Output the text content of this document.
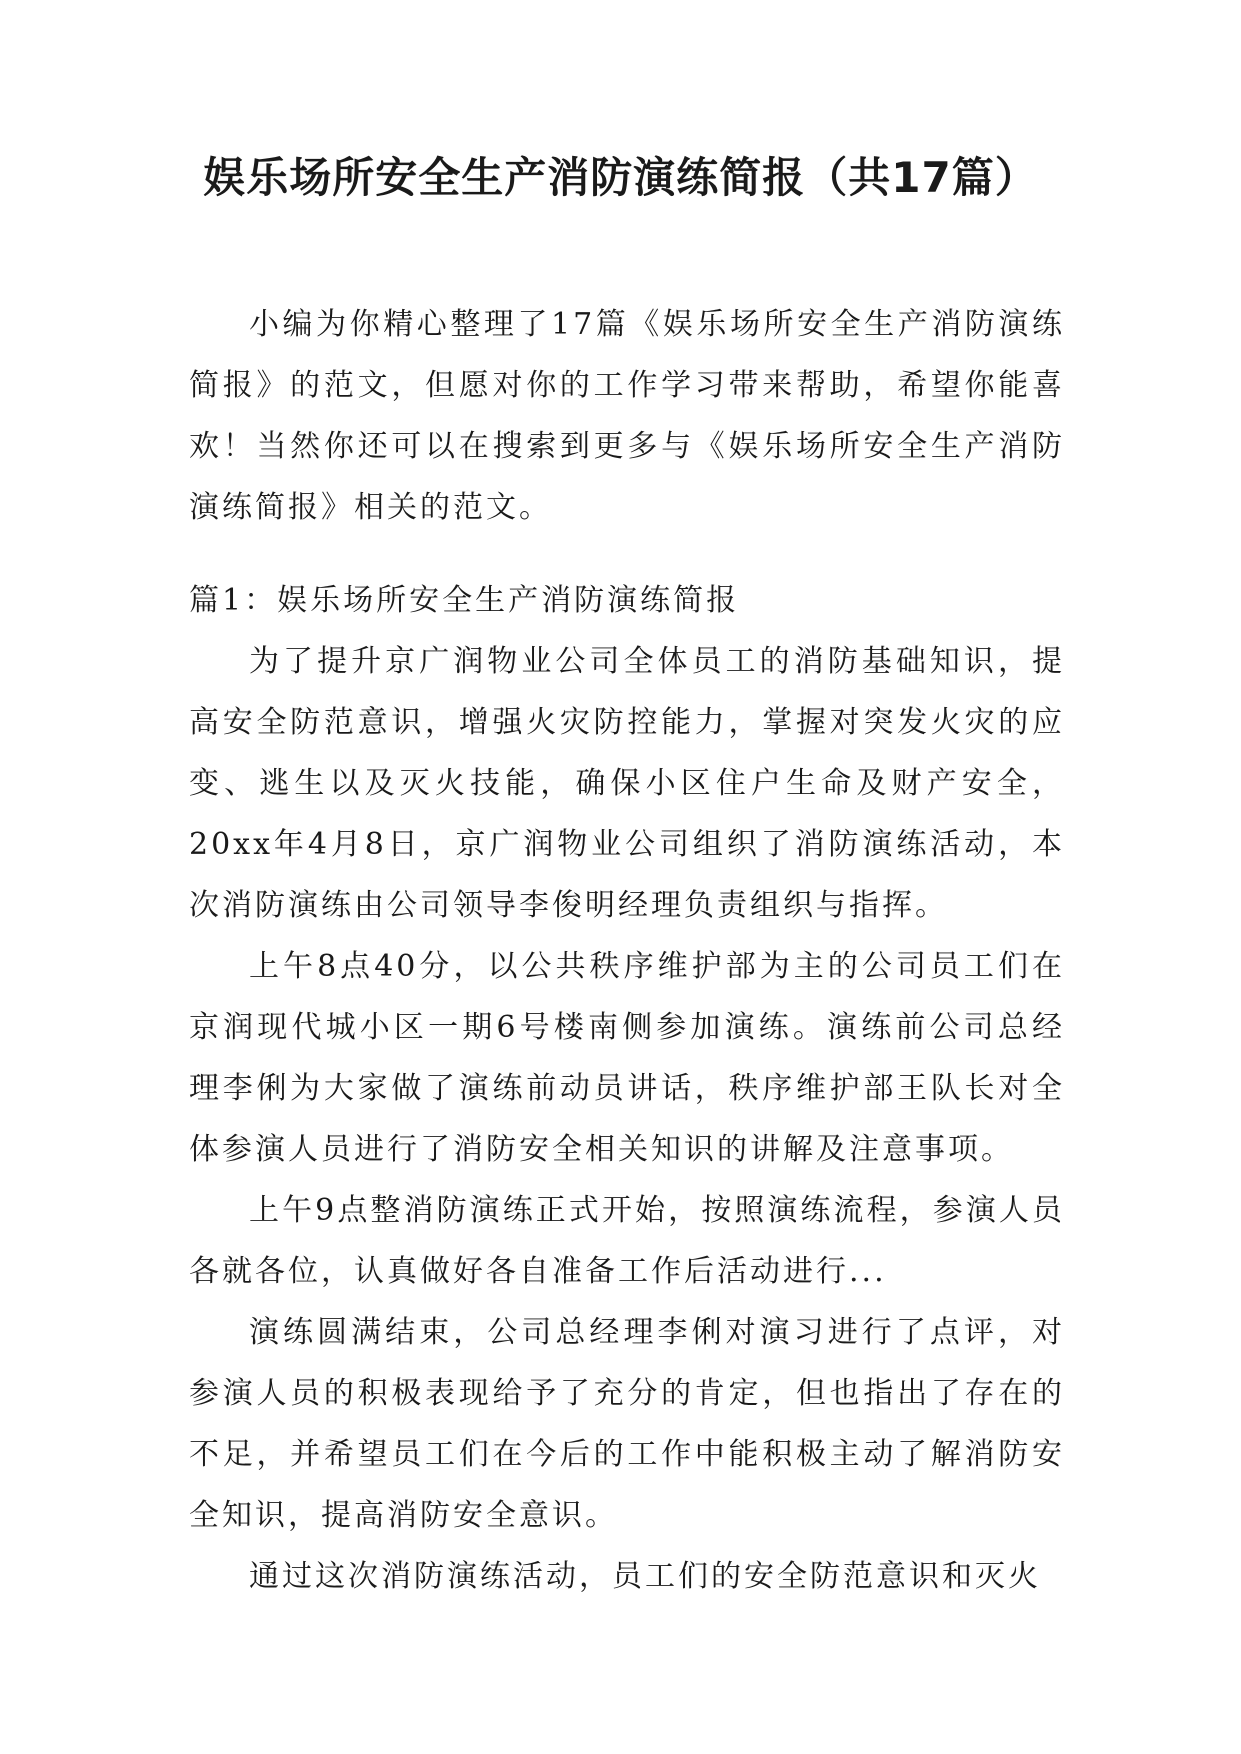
娱乐场所安全生产消防演练简报（共17篇）

小编为你精心整理了17篇《娱乐场所安全生产消防演练简报》的范文，但愿对你的工作学习带来帮助，希望你能喜欢！当然你还可以在搜索到更多与《娱乐场所安全生产消防演练简报》相关的范文。

篇1：娱乐场所安全生产消防演练简报

为了提升京广润物业公司全体员工的消防基础知识，提高安全防范意识，增强火灾防控能力，掌握对突发火灾的应变、逃生以及灭火技能，确保小区住户生命及财产安全，20xx年4月8日，京广润物业公司组织了消防演练活动，本次消防演练由公司领导李俊明经理负责组织与指挥。

上午8点40分，以公共秩序维护部为主的公司员工们在京润现代城小区一期6号楼南侧参加演练。演练前公司总经理李俐为大家做了演练前动员讲话，秩序维护部王队长对全体参演人员进行了消防安全相关知识的讲解及注意事项。

上午9点整消防演练正式开始，按照演练流程，参演人员各就各位，认真做好各自准备工作后活动进行...

演练圆满结束，公司总经理李俐对演习进行了点评，对参演人员的积极表现给予了充分的肯定，但也指出了存在的不足，并希望员工们在今后的工作中能积极主动了解消防安全知识，提高消防安全意识。

通过这次消防演练活动，员工们的安全防范意识和灭火
